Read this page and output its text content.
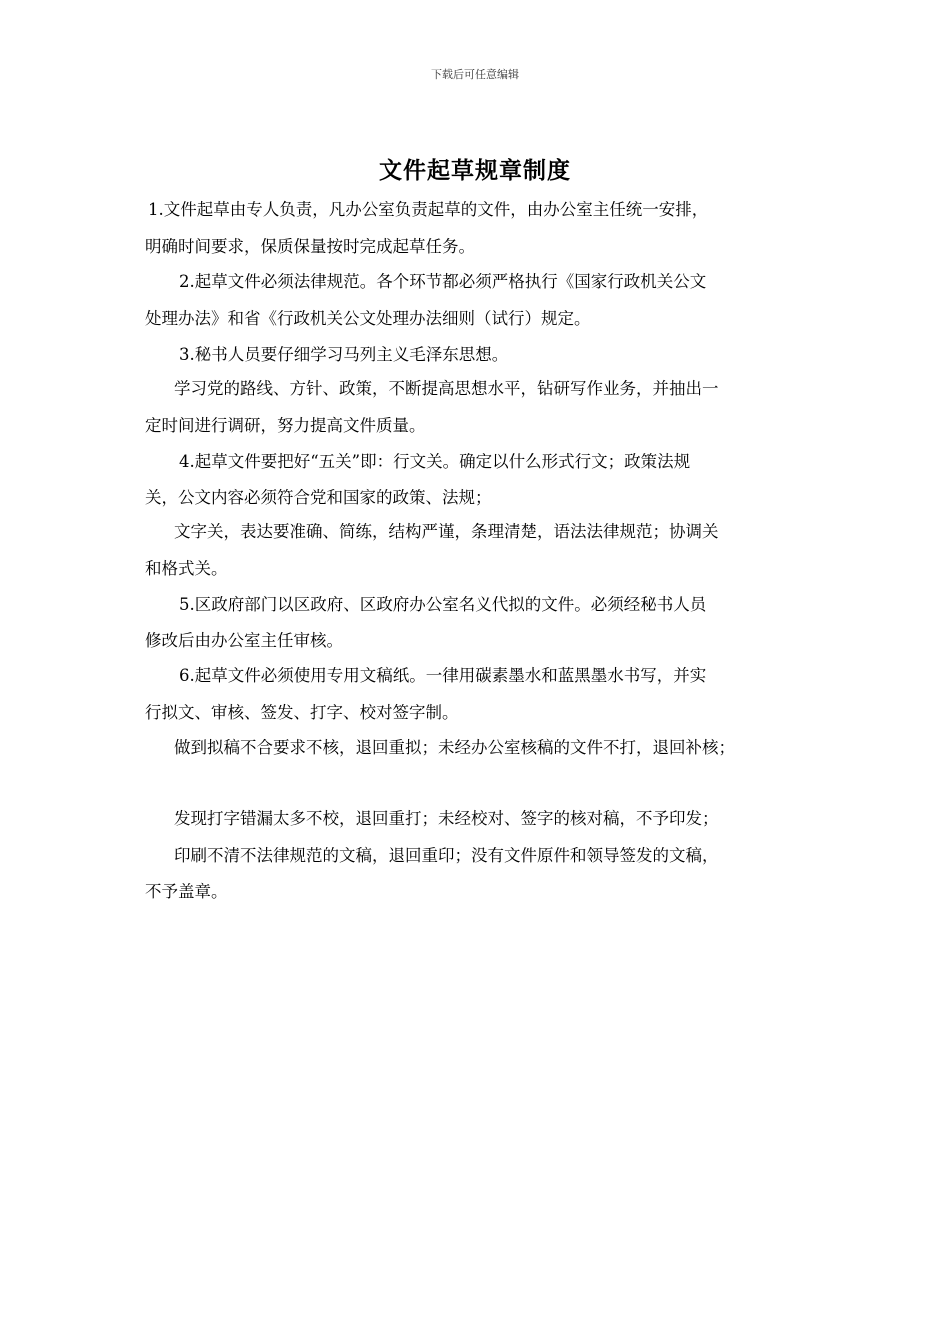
下载后可任意编辑
文件起草规章制度
1.文件起草由专人负责，凡办公室负责起草的文件，由办公室主任统一安排，
明确时间要求，保质保量按时完成起草任务。
2.起草文件必须法律规范。各个环节都必须严格执行《国家行政机关公文
处理办法》和省《行政机关公文处理办法细则（试行）规定。
3.秘书人员要仔细学习马列主义毛泽东思想。
学习党的路线、方针、政策，不断提高思想水平，钻研写作业务，并抽出一
定时间进行调研，努力提高文件质量。
4.起草文件要把好“五关”即：行文关。确定以什么形式行文；政策法规
关，公文内容必须符合党和国家的政策、法规；
文字关，表达要准确、简练，结构严谨，条理清楚，语法法律规范；协调关
和格式关。
5.区政府部门以区政府、区政府办公室名义代拟的文件。必须经秘书人员
修改后由办公室主任审核。
6.起草文件必须使用专用文稿纸。一律用碳素墨水和蓝黑墨水书写，并实
行拟文、审核、签发、打字、校对签字制。
做到拟稿不合要求不核，退回重拟；未经办公室核稿的文件不打，退回补核；
发现打字错漏太多不校，退回重打；未经校对、签字的核对稿，不予印发；
印刷不清不法律规范的文稿，退回重印；没有文件原件和领导签发的文稿，
不予盖章。
